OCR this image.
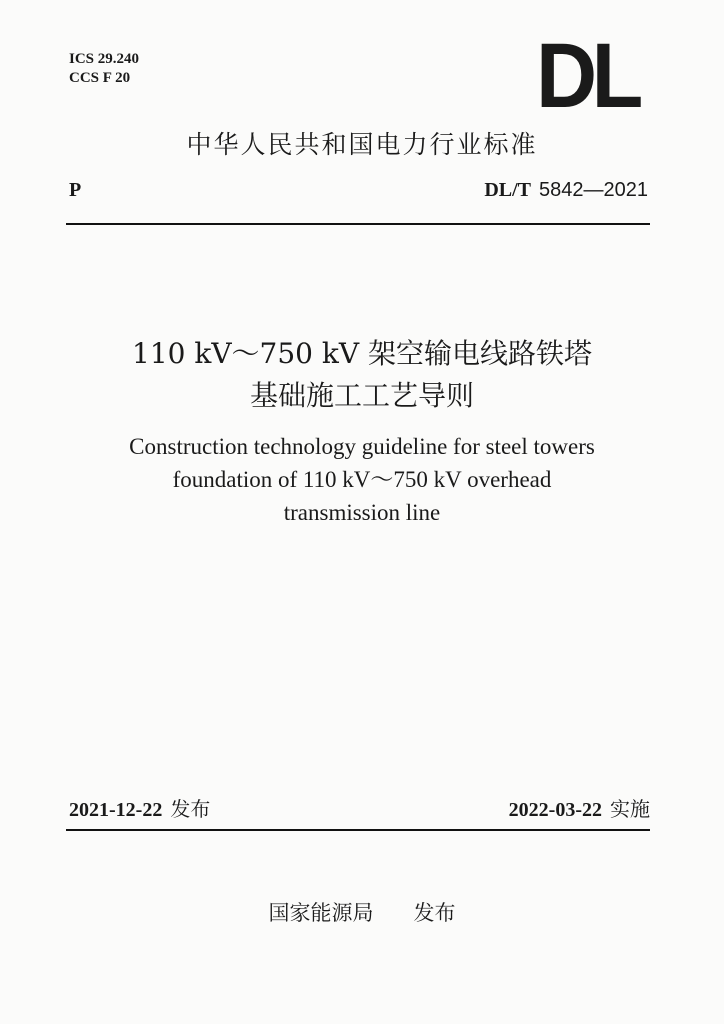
ICS 29.240
CCS F 20	DL
中华人民共和国电力行业标准
P	DL/T 5842—2021
110 kV～750 kV 架空输电线路铁塔
基础施工工艺导则
Construction technology guideline for steel towers
foundation of 110 kV～750 kV overhead
transmission line
2021-12-22 发布	2022-03-22 实施
国家能源局 发布
